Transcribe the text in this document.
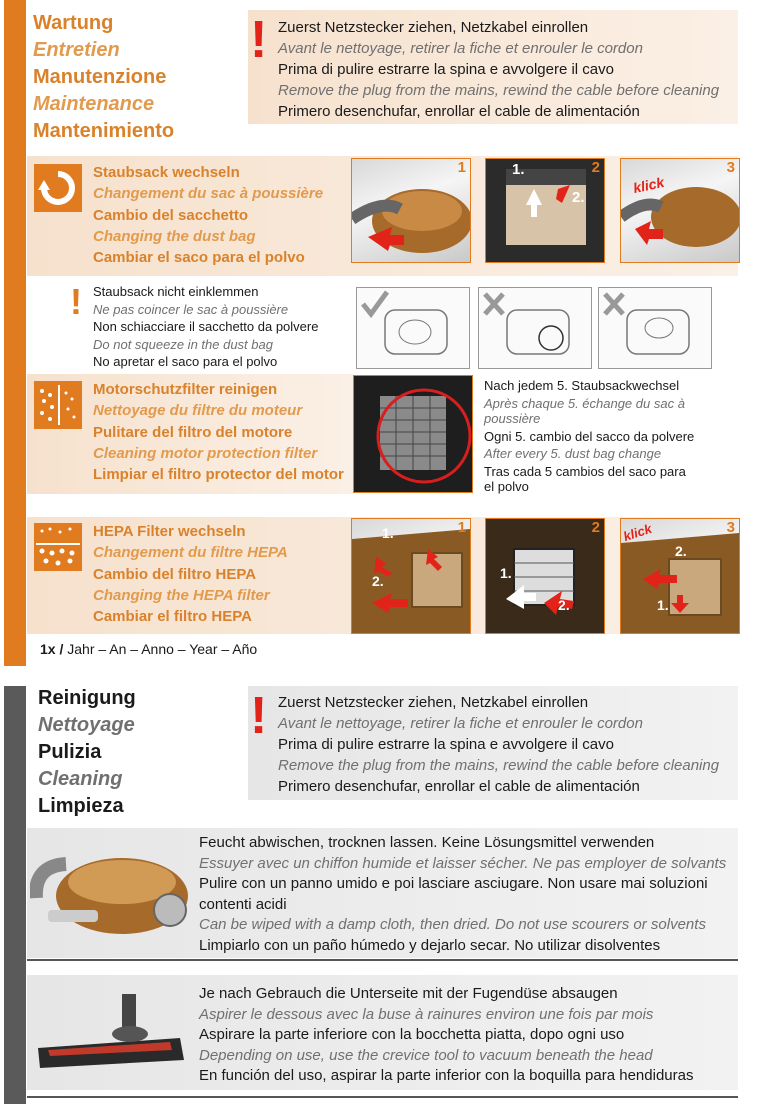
Wartung
Entretien
Manutenzione
Maintenance
Mantenimiento
! Zuerst Netzstecker ziehen, Netzkabel einrollen
Avant le nettoyage, retirer la fiche et enrouler le cordon
Prima di pulire estrarre la spina e avvolgere il cavo
Remove the plug from the mains, rewind the cable before cleaning
Primero desenchufar, enrollar el cable de alimentación
Staubsack wechseln
Changement du sac à poussière
Cambio del sacchetto
Changing the dust bag
Cambiar el saco para el polvo
1	2
1.
2.
3
klick
! Staubsack nicht einklemmen
Ne pas coincer le sac à poussière
Non schiacciare il sacchetto da polvere
Do not squeeze in the dust bag
No apretar el saco para el polvo
Motorschutzfilter reinigen
Nettoyage du filtre du moteur
Pulitare del filtro del motore
Cleaning motor protection filter
Limpiar el filtro protector del motor
Nach jedem 5. Staubsackwechsel
Après chaque 5. échange du sac à
poussière
Ogni 5. cambio del sacco da polvere
After every 5. dust bag change
Tras cada 5 cambios del saco para
el polvo
HEPA Filter wechseln
Changement du filtre HEPA
Cambio del filtro HEPA
Changing the HEPA filter
Cambiar el filtro HEPA
1
1.
2.
2
1.
2.
3
klick
2.
1.
1x / Jahr – An – Anno – Year – Año
Reinigung
Nettoyage
Pulizia
Cleaning
Limpieza
! Zuerst Netzstecker ziehen, Netzkabel einrollen
Avant le nettoyage, retirer la fiche et enrouler le cordon
Prima di pulire estrarre la spina e avvolgere il cavo
Remove the plug from the mains, rewind the cable before cleaning
Primero desenchufar, enrollar el cable de alimentación
Feucht abwischen, trocknen lassen. Keine Lösungsmittel verwenden
Essuyer avec un chiffon humide et laisser sécher. Ne pas employer de solvants
Pulire con un panno umido e poi lasciare asciugare. Non usare mai soluzioni
contenti acidi
Can be wiped with a damp cloth, then dried. Do not use scourers or solvents
Limpiarlo con un paño húmedo y dejarlo secar. No utilizar disolventes
Je nach Gebrauch die Unterseite mit der Fugendüse absaugen
Aspirer le dessous avec la buse à rainures environ une fois par mois
Aspirare la parte inferiore con la bocchetta piatta, dopo ogni uso
Depending on use, use the crevice tool to vacuum beneath the head
En función del uso, aspirar la parte inferior con la boquilla para hendiduras
